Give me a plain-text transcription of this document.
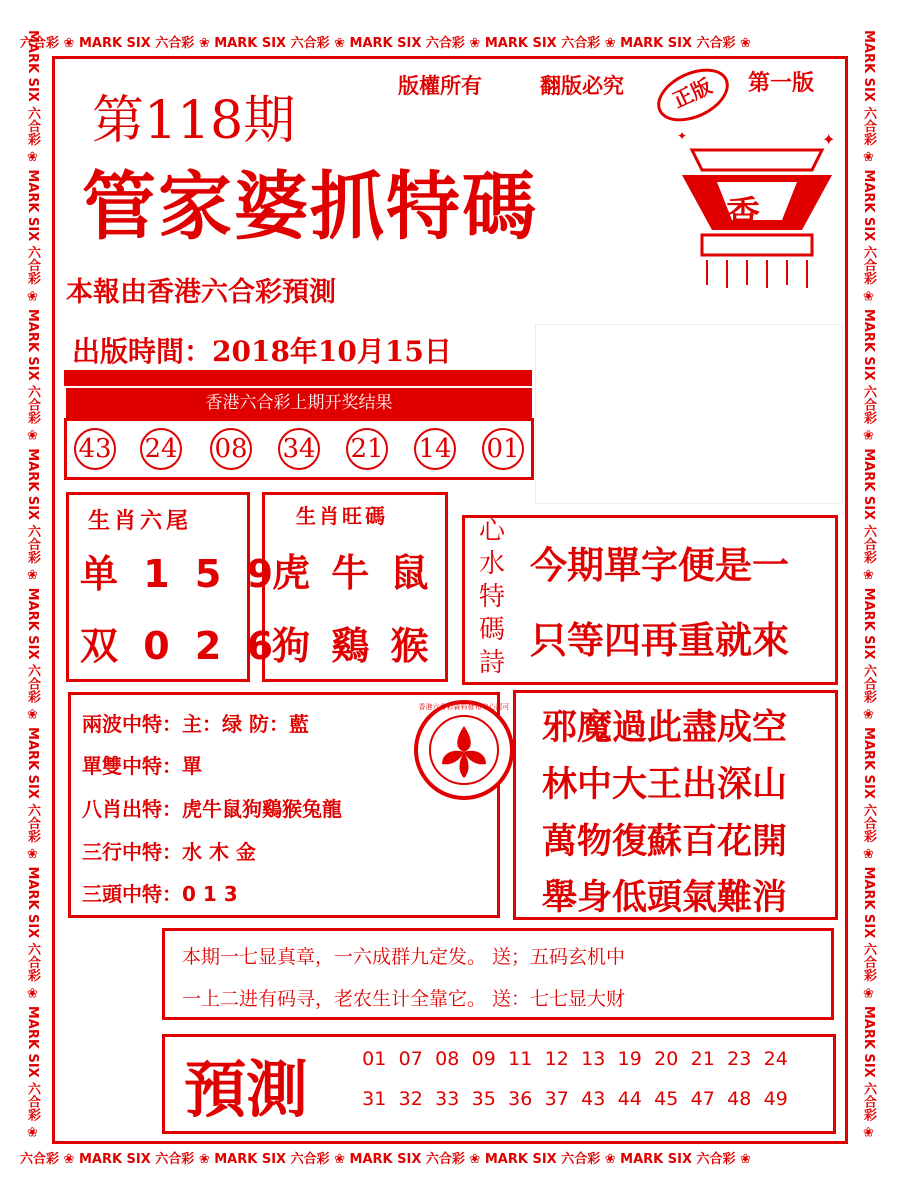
六合彩 ❀ MARK SIX 六合彩 ❀ MARK SIX 六合彩 ❀ MARK SIX 六合彩 ❀ MARK SIX 六合彩 ❀ MARK SIX 六合彩 ❀
六合彩 ❀ MARK SIX 六合彩 ❀ MARK SIX 六合彩 ❀ MARK SIX 六合彩 ❀ MARK SIX 六合彩 ❀ MARK SIX 六合彩 ❀
MARK SIX 六合彩 ❀ MARK SIX 六合彩 ❀ MARK SIX 六合彩 ❀ MARK SIX 六合彩 ❀ MARK SIX 六合彩 ❀ MARK SIX 六合彩 ❀ MARK SIX 六合彩 ❀ MARK SIX 六合彩 ❀	MARK SIX 六合彩 ❀ MARK SIX 六合彩 ❀ MARK SIX 六合彩 ❀ MARK SIX 六合彩 ❀ MARK SIX 六合彩 ❀ MARK SIX 六合彩 ❀ MARK SIX 六合彩 ❀ MARK SIX 六合彩 ❀
第118期
版權所有	翻版必究	第一版
正版
✦
✦
香
管家婆抓特碼
本報由香港六合彩預測
出版時間：2018年10月15日
香港六合彩上期开奖结果
43 24 08 34 21 14 01
生肖六尾
单 1 5 9
双 0 2 6
生肖旺碼
虎 牛 鼠
狗 鷄 猴
心
水
特
碼
詩
今期單字便是一
只等四再重就來
兩波中特：主：绿 防：藍
單雙中特：單
八肖出特：虎牛鼠狗鷄猴兔龍
三行中特：水 木 金
三頭中特：0 1 3
香港六合彩資料發布中心認可
邪魔過此盡成空
林中大王出深山
萬物復蘇百花開
舉身低頭氣難消
本期一七显真章，一六成群九定发。 送；五码玄机中
一上二进有码寻，老农生计全靠它。 送：七七显大财
預測	01 07 08 09 11 12 13 19 20 21 23 24
31 32 33 35 36 37 43 44 45 47 48 49
